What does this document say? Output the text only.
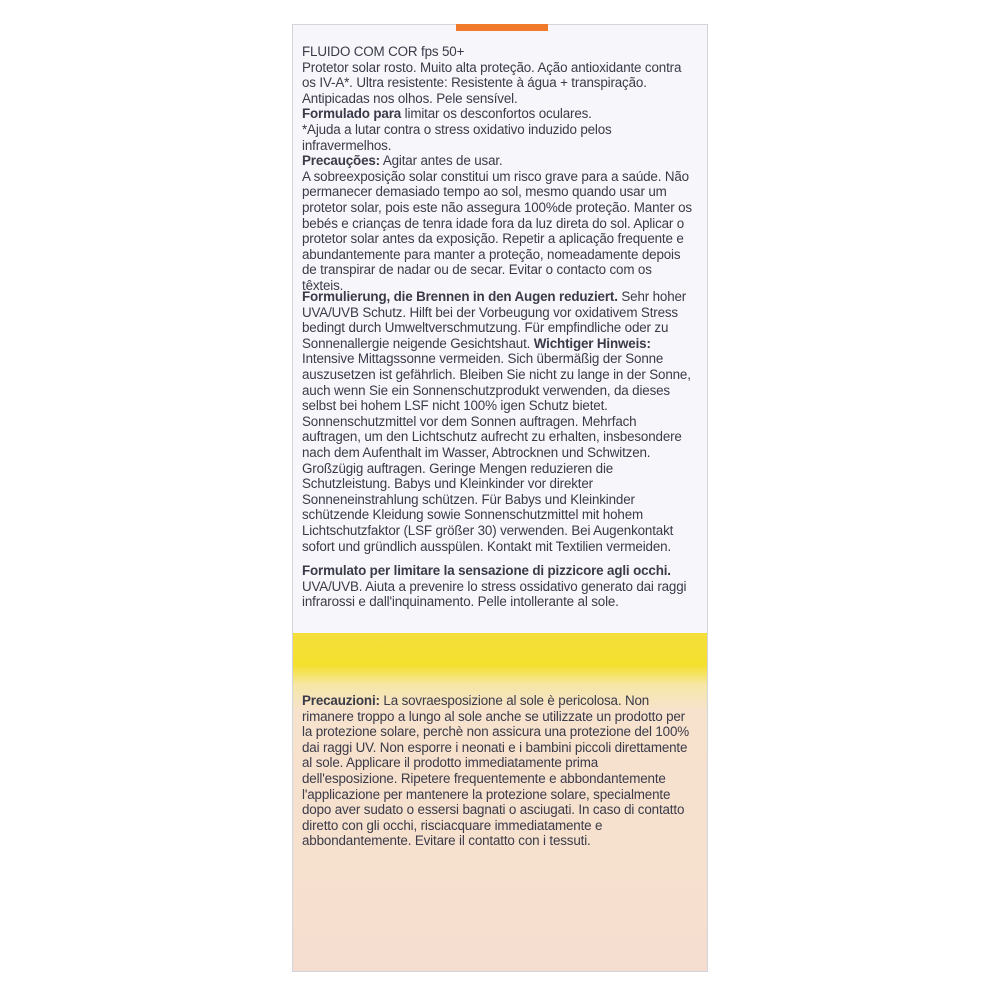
FLUIDO COM COR fps 50+
Protetor solar rosto. Muito alta proteção. Ação antioxidante contra os IV-A*. Ultra resistente: Resistente à água + transpiração. Antipicadas nos olhos. Pele sensível.
Formulado para limitar os desconfortos oculares.
*Ajuda a lutar contra o stress oxidativo induzido pelos infravermelhos.
Precauções: Agitar antes de usar.
A sobreexposição solar constitui um risco grave para a saúde. Não permanecer demasiado tempo ao sol, mesmo quando usar um protetor solar, pois este não assegura 100%de proteção. Manter os bebés e crianças de tenra idade fora da luz direta do sol. Aplicar o protetor solar antes da exposição. Repetir a aplicação frequente e abundantemente para manter a proteção, nomeadamente depois de transpirar de nadar ou de secar. Evitar o contacto com os têxteis.

Formulierung, die Brennen in den Augen reduziert. Sehr hoher UVA/UVB Schutz. Hilft bei der Vorbeugung vor oxidativem Stress bedingt durch Umweltverschmutzung. Für empfindliche oder zu Sonnenallergie neigende Gesichtshaut. Wichtiger Hinweis: Intensive Mittagssonne vermeiden. Sich übermäßig der Sonne auszusetzen ist gefährlich. Bleiben Sie nicht zu lange in der Sonne, auch wenn Sie ein Sonnenschutzprodukt verwenden, da dieses selbst bei hohem LSF nicht 100% igen Schutz bietet. Sonnenschutzmittel vor dem Sonnen auftragen. Mehrfach auftragen, um den Lichtschutz aufrecht zu erhalten, insbesondere nach dem Aufenthalt im Wasser, Abtrocknen und Schwitzen. Großzügig auftragen. Geringe Mengen reduzieren die Schutzleistung. Babys und Kleinkinder vor direkter Sonneneinstrahlung schützen. Für Babys und Kleinkinder schützende Kleidung sowie Sonnenschutzmittel mit hohem Lichtschutzfaktor (LSF größer 30) verwenden. Bei Augenkontakt sofort und gründlich ausspülen. Kontakt mit Textilien vermeiden.

Formulato per limitare la sensazione di pizzicore agli occhi. UVA/UVB. Aiuta a prevenire lo stress ossidativo generato dai raggi infrarossi e dall'inquinamento. Pelle intollerante al sole.

Precauzioni: La sovraesposizione al sole è pericolosa. Non rimanere troppo a lungo al sole anche se utilizzate un prodotto per la protezione solare, perchè non assicura una protezione del 100% dai raggi UV. Non esporre i neonati e i bambini piccoli direttamente al sole. Applicare il prodotto immediatamente prima dell'esposizione. Ripetere frequentemente e abbondantemente l'applicazione per mantenere la protezione solare, specialmente dopo aver sudato o essersi bagnati o asciugati. In caso di contatto diretto con gli occhi, risciacquare immediatamente e abbondantemente. Evitare il contatto con i tessuti.
